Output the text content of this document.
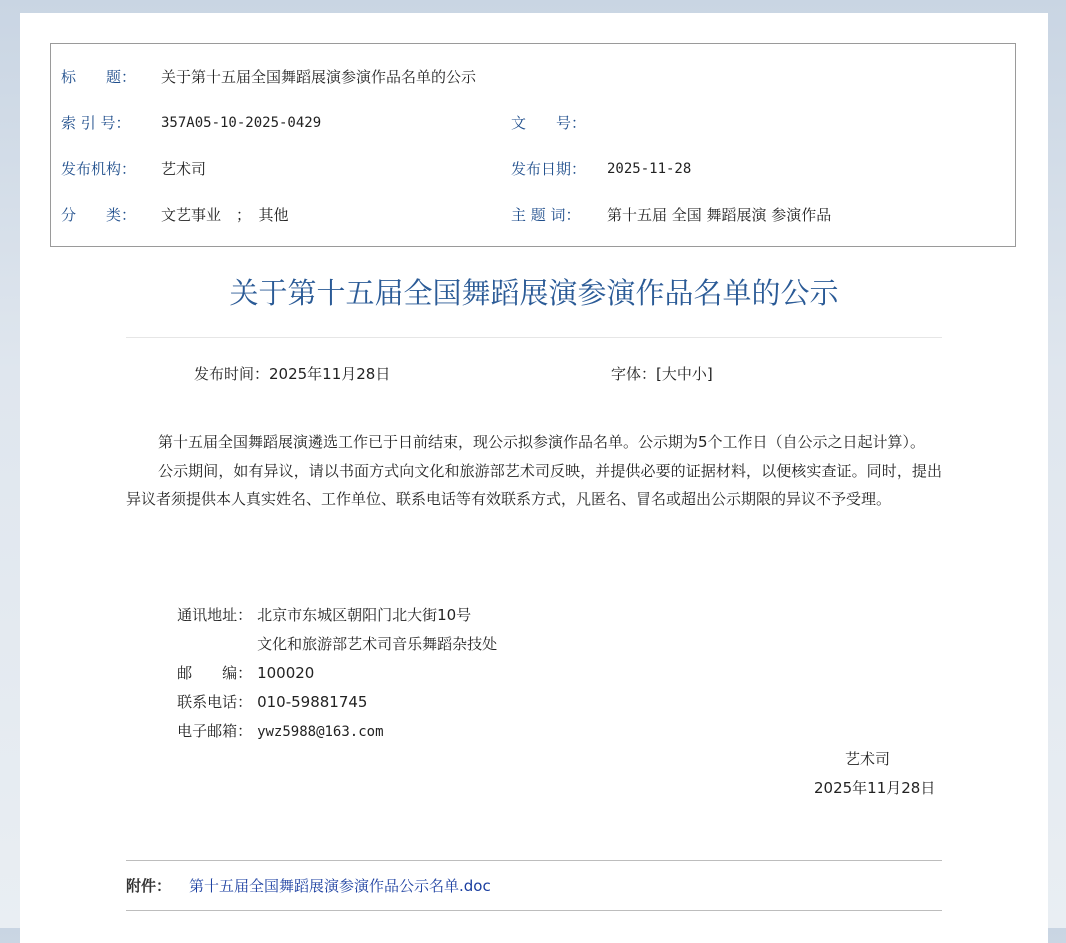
标　　题： 关于第十五届全国舞蹈展演参演作品名单的公示
索 引 号： 357A05-10-2025-0429	文　　号：
发布机构： 艺术司	发布日期： 2025-11-28
分　　类： 文艺事业　；　其他	主 题 词： 第十五届 全国 舞蹈展演 参演作品
关于第十五届全国舞蹈展演参演作品名单的公示
发布时间：2025年11月28日	字体：[大中小]

第十五届全国舞蹈展演遴选工作已于日前结束，现公示拟参演作品名单。公示期为5个工作日（自公示之日起计算）。

公示期间，如有异议，请以书面方式向文化和旅游部艺术司反映，并提供必要的证据材料，以便核实查证。同时，提出异议者须提供本人真实姓名、工作单位、联系电话等有效联系方式，凡匿名、冒名或超出公示期限的异议不予受理。

通讯地址： 北京市东城区朝阳门北大街10号

文化和旅游部艺术司音乐舞蹈杂技处

邮　　编： 100020

联系电话： 010-59881745

电子邮箱： ywz5988@163.com

艺术司
2025年11月28日
附件： 第十五届全国舞蹈展演参演作品公示名单.doc
